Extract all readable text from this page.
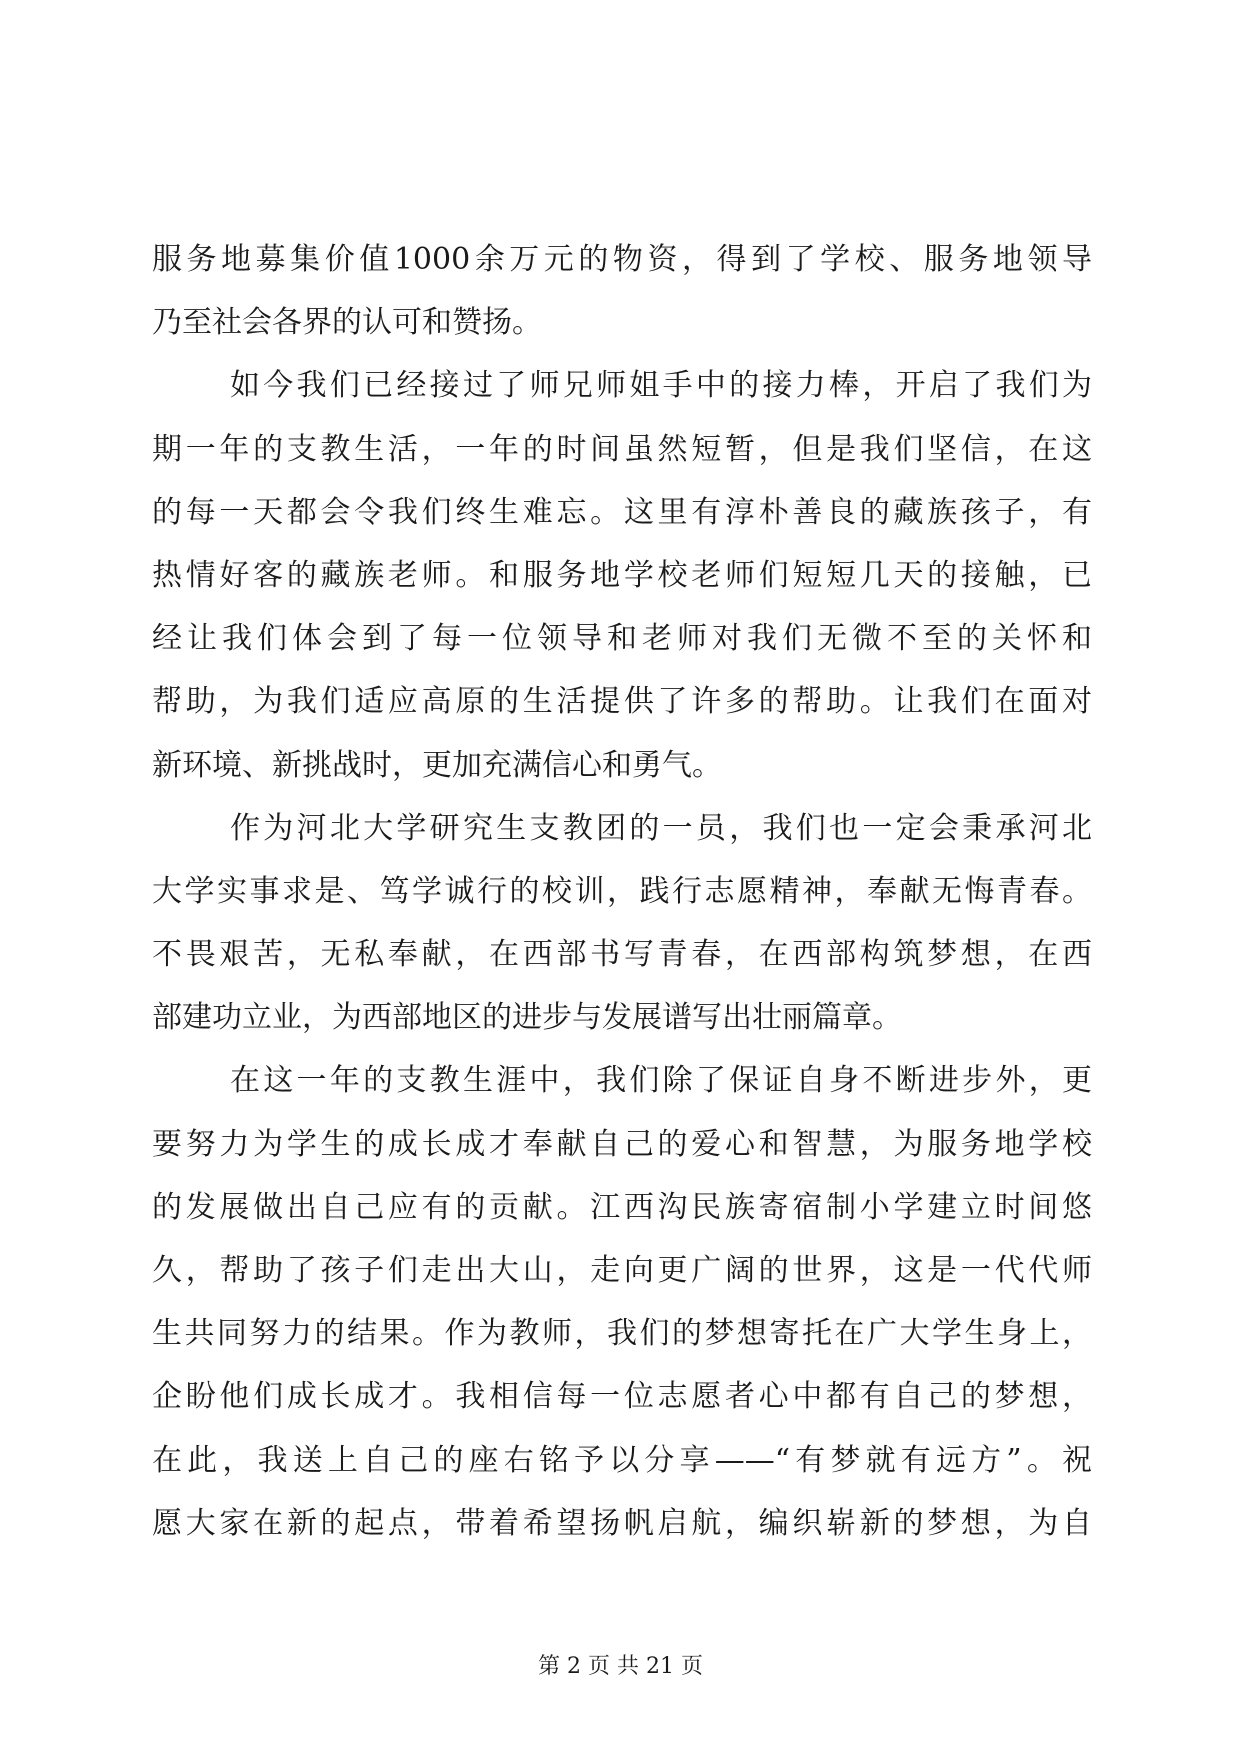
服务地募集价值1000余万元的物资，得到了学校、服务地领导
乃至社会各界的认可和赞扬。
如今我们已经接过了师兄师姐手中的接力棒，开启了我们为
期一年的支教生活，一年的时间虽然短暂，但是我们坚信，在这
的每一天都会令我们终生难忘。这里有淳朴善良的藏族孩子，有
热情好客的藏族老师。和服务地学校老师们短短几天的接触，已
经让我们体会到了每一位领导和老师对我们无微不至的关怀和
帮助，为我们适应高原的生活提供了许多的帮助。让我们在面对
新环境、新挑战时，更加充满信心和勇气。
作为河北大学研究生支教团的一员，我们也一定会秉承河北
大学实事求是、笃学诚行的校训，践行志愿精神，奉献无悔青春。
不畏艰苦，无私奉献，在西部书写青春，在西部构筑梦想，在西
部建功立业，为西部地区的进步与发展谱写出壮丽篇章。
在这一年的支教生涯中，我们除了保证自身不断进步外，更
要努力为学生的成长成才奉献自己的爱心和智慧，为服务地学校
的发展做出自己应有的贡献。江西沟民族寄宿制小学建立时间悠
久，帮助了孩子们走出大山，走向更广阔的世界，这是一代代师
生共同努力的结果。作为教师，我们的梦想寄托在广大学生身上，
企盼他们成长成才。我相信每一位志愿者心中都有自己的梦想，
在此，我送上自己的座右铭予以分享——“有梦就有远方”。祝
愿大家在新的起点，带着希望扬帆启航，编织崭新的梦想，为自
第 2 页 共 21 页
